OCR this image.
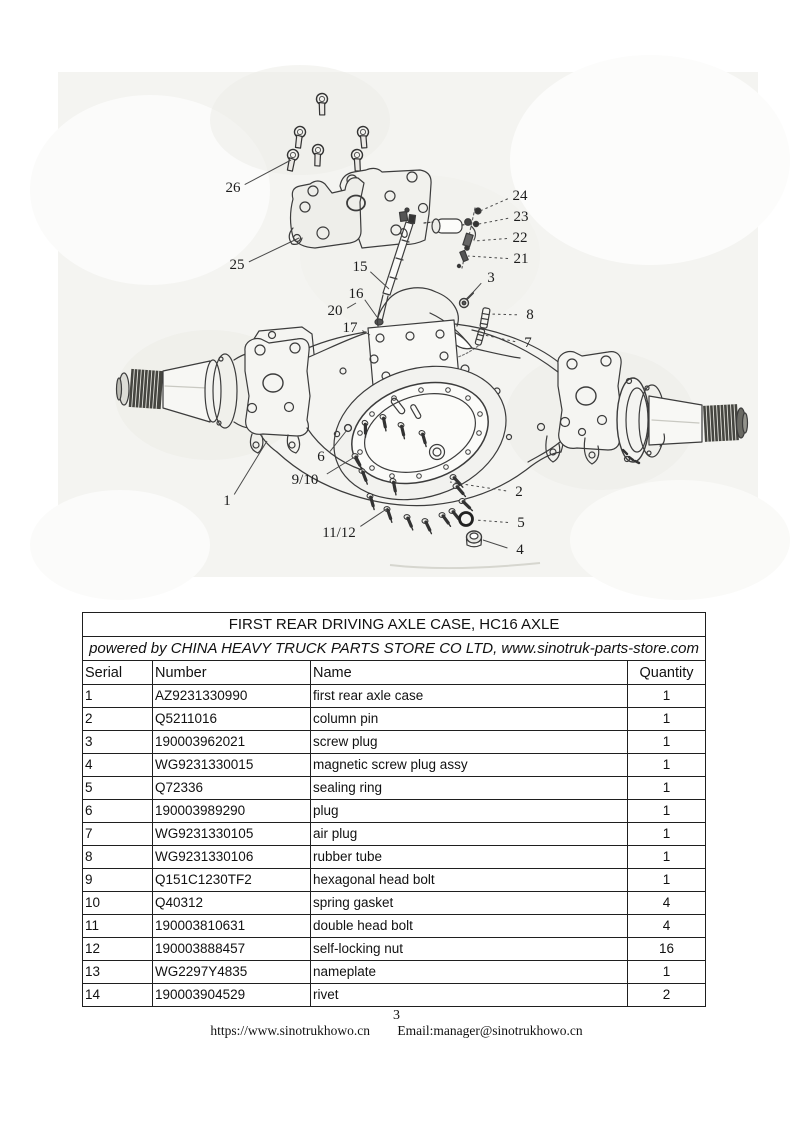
26
25
24
23
22
21
15
16
20
17
3
8
7
6
9/10
1
2
11/12
5
4
FIRST REAR DRIVING AXLE CASE, HC16 AXLE			
powered by CHINA HEAVY TRUCK PARTS STORE CO LTD, www.sinotruk-parts-store.com			
Serial	Number	Name	Quantity
1	AZ9231330990	first rear axle case	1
2	Q5211016	column pin	1
3	190003962021	screw plug	1
4	WG9231330015	magnetic screw plug assy	1
5	Q72336	sealing ring	1
6	190003989290	plug	1
7	WG9231330105	air plug	1
8	WG9231330106	rubber tube	1
9	Q151C1230TF2	hexagonal head bolt	1
10	Q40312	spring gasket	4
11	190003810631	double head bolt	4
12	190003888457	self-locking nut	16
13	WG2297Y4835	nameplate	1
14	190003904529	rivet	2
3
https://www.sinotrukhowo.cn Email:manager@sinotrukhowo.cn
